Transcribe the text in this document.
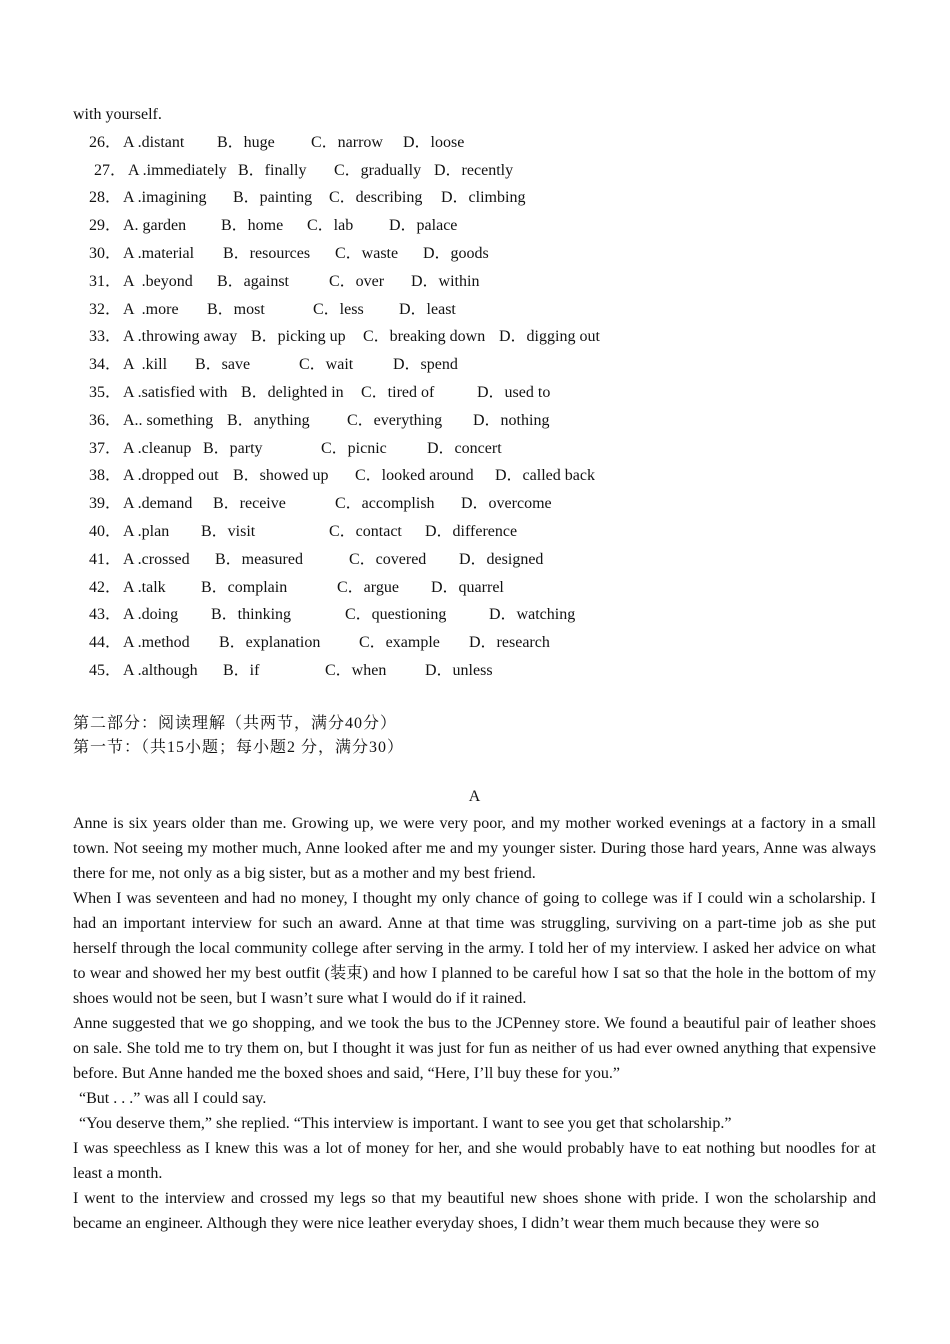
with yourself.
26． A .distant B．huge C．narrow D．loose
27． A .immediately B．finally C．gradually D．recently
28． A .imagining B．painting C．describing D．climbing
29． A. garden B．home C．lab D．palace
30． A .material B．resources C．waste D．goods
31． A  .beyond B．against	C．over D．within
32． A  .more B．most	C．less D．least
33． A .throwing away B．picking up C．breaking down D．digging out
34． A  .kill B．save	C．wait D．spend
35． A .satisfied with B．delighted in C．tired of	D．used to
36． A.. something B．anything C．everything D．nothing
37． A .cleanup B．party	C．picnic	D．concert
38． A .dropped out B．showed up C．looked around D．called back
39． A .demand B．receive	C．accomplish D．overcome
40． A .plan B．visit	C．contact D．difference
41． A .crossed B．measured	C．covered D．designed
42． A .talk B．complain	C．argue D．quarrel
43． A .doing B．thinking	C．questioning	D．watching
44． A .method B．explanation C．example D．research
45． A .although B．if	C．when D．unless
第二部分：阅读理解（共两节，满分40分）
第一节：（共15小题；每小题2 分，满分30）
A

Anne is six years older than me. Growing up, we were very poor, and my mother worked evenings at a factory in a small town. Not seeing my mother much, Anne looked after me and my younger sister. During those hard years, Anne was always there for me, not only as a big sister, but as a mother and my best friend.

When I was seventeen and had no money, I thought my only chance of going to college was if I could win a scholarship. I had an important interview for such an award. Anne at that time was struggling, surviving on a part-time job as she put herself through the local community college after serving in the army. I told her of my interview. I asked her advice on what to wear and showed her my best outfit (装束) and how I planned to be careful how I sat so that the hole in the bottom of my shoes would not be seen, but I wasn’t sure what I would do if it rained.

Anne suggested that we go shopping, and we took the bus to the JCPenney store. We found a beautiful pair of leather shoes on sale. She told me to try them on, but I thought it was just for fun as neither of us had ever owned anything that expensive before. But Anne handed me the boxed shoes and said, “Here, I’ll buy these for you.”

“But . . .” was all I could say.

“You deserve them,” she replied. “This interview is important. I want to see you get that scholarship.”

I was speechless as I knew this was a lot of money for her, and she would probably have to eat nothing but noodles for at least a month.

I went to the interview and crossed my legs so that my beautiful new shoes shone with pride. I won the scholarship and became an engineer. Although they were nice leather everyday shoes, I didn’t wear them much because they were so
